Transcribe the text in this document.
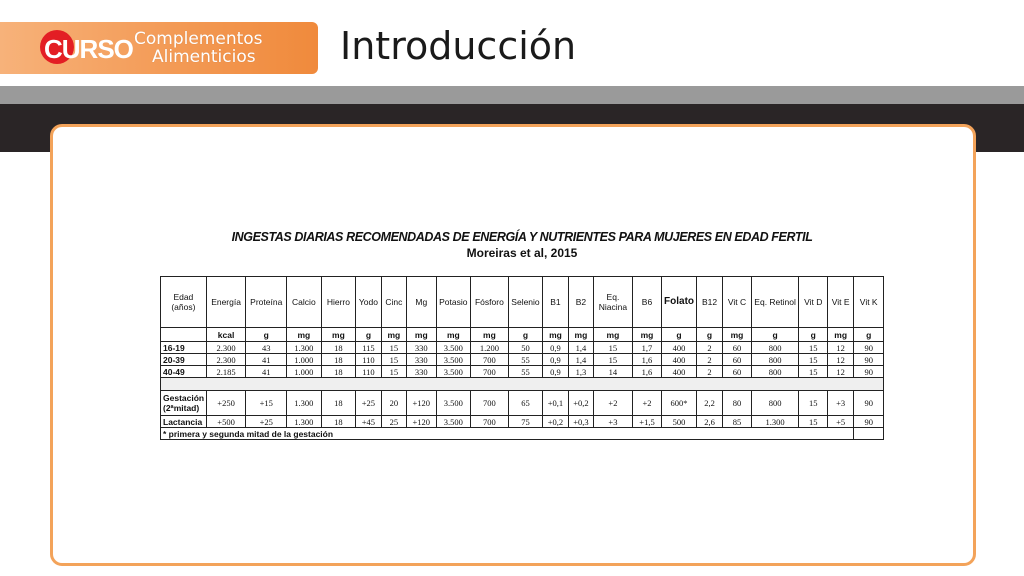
CURSO Complementos
Alimenticios Introducción
INGESTAS DIARIAS RECOMENDADAS DE ENERGÍA Y NUTRIENTES PARA MUJERES EN EDAD FERTIL
Moreiras et al, 2015
Edad (años)	Energía	Proteína	Calcio	Hierro	Yodo	Cinc	Mg	Potasio	Fósforo	Selenio	B1	B2	Eq. Niacina	B6	Folato	B12	Vit C	Eq. Retinol	Vit D	Vit E	Vit K
	kcal	g	mg	mg	g	mg	mg	mg	mg	g	mg	mg	mg	mg	g	g	mg	g	g	mg	g
16-19	2.300	43	1.300	18	115	15	330	3.500	1.200	50	0,9	1,4	15	1,7	400	2	60	800	15	12	90
20-39	2.300	41	1.000	18	110	15	330	3.500	700	55	0,9	1,4	15	1,6	400	2	60	800	15	12	90
40-49	2.185	41	1.000	18	110	15	330	3.500	700	55	0,9	1,3	14	1,6	400	2	60	800	15	12	90

Gestación (2ªmitad)	+250	+15	1.300	18	+25	20	+120	3.500	700	65	+0,1	+0,2	+2	+2	600*	2,2	80	800	15	+3	90
Lactancia	+500	+25	1.300	18	+45	25	+120	3.500	700	75	+0,2	+0,3	+3	+1,5	500	2,6	85	1.300	15	+5	90
* primera y segunda mitad de la gestación																					
